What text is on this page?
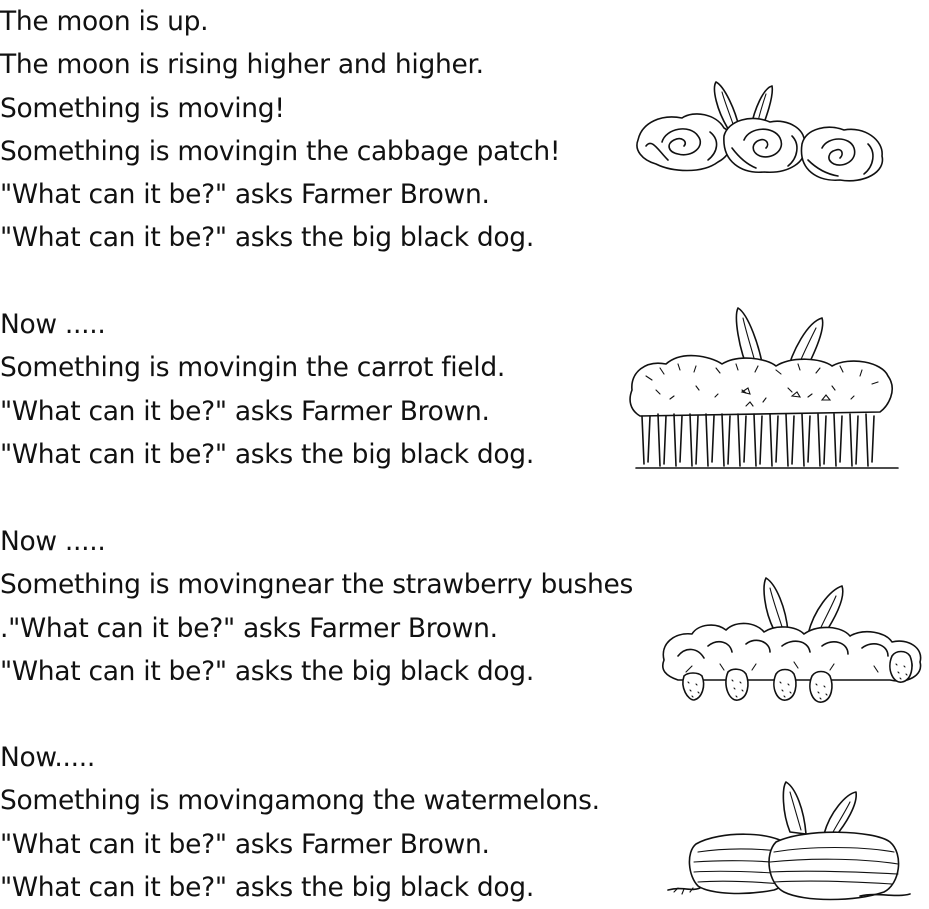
The moon is up.
The moon is rising higher and higher.
Something is moving!
Something is movingin the cabbage patch!
"What can it be?" asks Farmer Brown.
"What can it be?" asks the big black dog.
Now .....
Something is movingin the carrot field.
"What can it be?" asks Farmer Brown.
"What can it be?" asks the big black dog.
Now .....
Something is movingnear the strawberry bushes
."What can it be?" asks Farmer Brown.
"What can it be?" asks the big black dog.
Now.....
Something is movingamong the watermelons.
"What can it be?" asks Farmer Brown.
"What can it be?" asks the big black dog.
